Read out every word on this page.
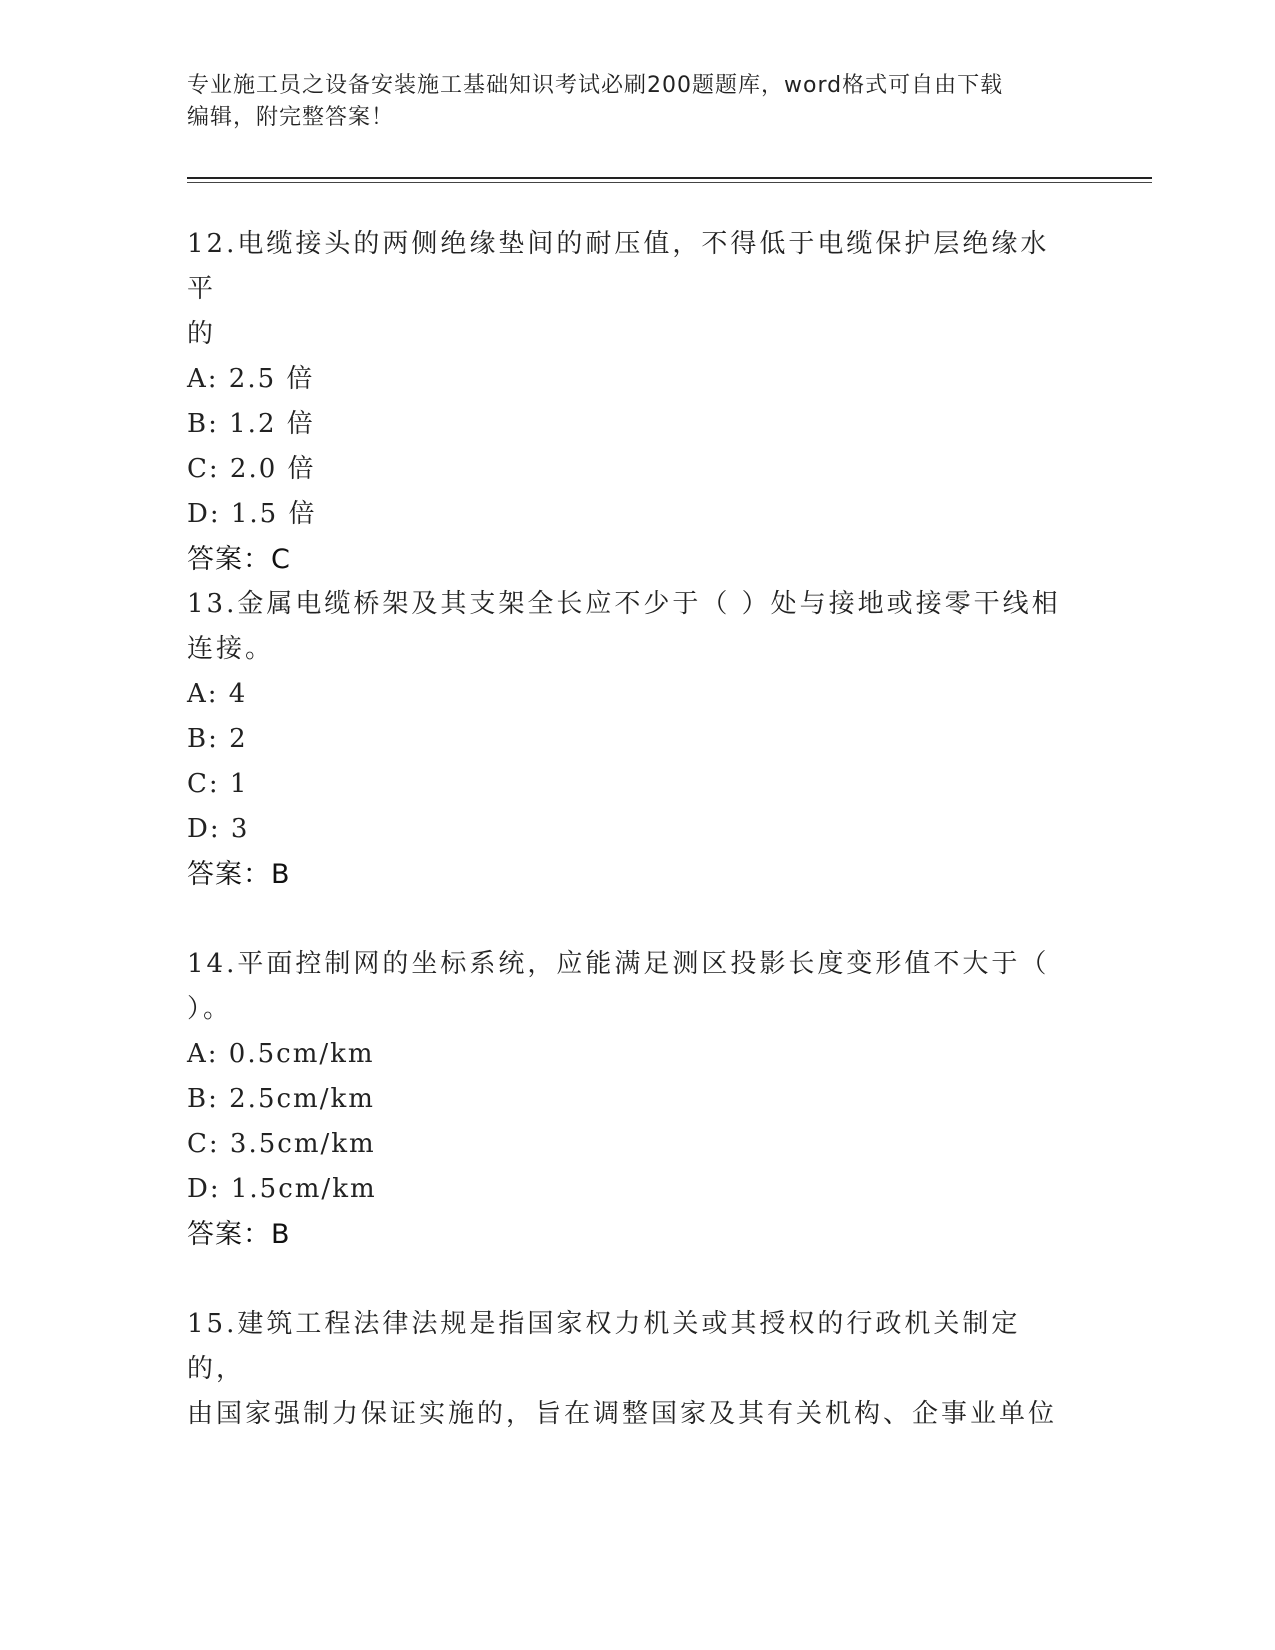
专业施工员之设备安装施工基础知识考试必刷200题题库，word格式可自由下载
编辑，附完整答案！

12.电缆接头的两侧绝缘垫间的耐压值，不得低于电缆保护层绝缘水平

的

A: 2.5 倍

B: 1.2 倍

C: 2.0 倍

D: 1.5 倍

答案：C

13.金属电缆桥架及其支架全长应不少于（ ）处与接地或接零干线相

连接。

A: 4

B: 2

C: 1

D: 3

答案：B

14.平面控制网的坐标系统，应能满足测区投影长度变形值不大于（

）。

A: 0.5cm/km

B: 2.5cm/km

C: 3.5cm/km

D: 1.5cm/km

答案：B

15.建筑工程法律法规是指国家权力机关或其授权的行政机关制定的，

由国家强制力保证实施的，旨在调整国家及其有关机构、企事业单位
